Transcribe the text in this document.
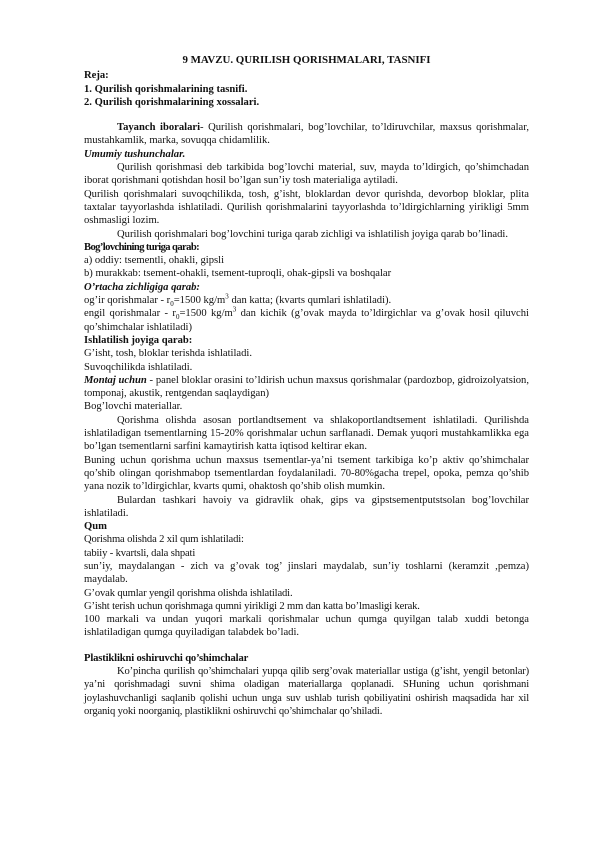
9 MAVZU. QURILISH QORISHMALARI, TASNIFI
Reja:
1. Qurilish qorishmalarining tasnifi.
2. Qurilish qorishmalarining xossalari.

Tayanch iboralari- Qurilish qorishmalari, bog’lovchilar, to’ldiruvchilar, maxsus qorishmalar, mustahkamlik, marka, sovuqqa chidamlilik.

Umumiy tushunchalar.

Qurilish qorishmasi deb tarkibida bog’lovchi material, suv, mayda to’ldirgich, qo’shimchadan iborat qorishmani qotishdan hosil bo’lgan sun’iy tosh materialiga aytiladi.

Qurilish qorishmalari suvoqchilikda, tosh, g’isht, bloklardan devor qurishda, devorbop bloklar, plita taxtalar tayyorlashda ishlatiladi. Qurilish qorishmalarini tayyorlashda to’ldirgichlarning yirikligi 5mm oshmasligi lozim.

Qurilish qorishmalari bog’lovchini turiga qarab zichligi va ishlatilish joyiga qarab bo’linadi.

Bog’lovchining turiga qarab:
a) oddiy: tsementli, ohakli, gipsli
b) murakkab: tsement-ohakli, tsement-tuproqli, ohak-gipsli va boshqalar
O’rtacha zichligiga qarab:

og’ir qorishmalar - $r_0=1500$ $kg/m^3$ dan katta; (kvarts qumlari ishlatiladi).

engil qorishmalar - $r_0=1500$ $kg/m^3$ dan kichik (g’ovak mayda to’ldirgichlar va g’ovak hosil qiluvchi qo’shimchalar ishlatiladi)

Ishlatilish joyiga qarab:
G’isht, tosh, bloklar terishda ishlatiladi.
Suvoqchilikda ishlatiladi.

Montaj uchun - panel bloklar orasini to’ldirish uchun maxsus qorishmalar (pardozbop, gidroizolyatsion, tomponaj, akustik, rentgendan saqlaydigan)

Bog’lovchi materiallar.

Qorishma olishda asosan portlandtsement va shlakoportlandtsement ishlatiladi. Qurilishda ishlatiladigan tsementlarning 15-20% qorishmalar uchun sarflanadi. Demak yuqori mustahkamlikka ega bo’lgan tsementlarni sarfini kamaytirish katta iqtisod keltirar ekan.

Buning uchun qorishma uchun maxsus tsementlar-ya’ni tsement tarkibiga ko’p aktiv qo’shimchalar qo’shib olingan qorishmabop tsementlardan foydalaniladi. 70-80%gacha trepel, opoka, pemza qo’shib yana nozik to’ldirgichlar, kvarts qumi, ohaktosh qo’shib olish mumkin.

Bulardan tashkari havoiy va gidravlik ohak, gips va gipstsementputstsolan bog’lovchilar ishlatiladi.

Qum
Qorishma olishda 2 xil qum ishlatiladi:
tabiiy - kvartsli, dala shpati

sun’iy, maydalangan - zich va g’ovak tog’ jinslari maydalab, sun’iy toshlarni (keramzit ,pemza) maydalab.

G’ovak qumlar yengil qorishma olishda ishlatiladi.
G’isht terish uchun qorishmaga qumni yirikligi 2 mm dan katta bo’lmasligi kerak.

100 markali va undan yuqori markali qorishmalar uchun qumga quyilgan talab xuddi betonga ishlatiladigan qumga quyiladigan talabdek bo’ladi.

Plastiklikni oshiruvchi qo’shimchalar

Ko’pincha qurilish qo’shimchalari yupqa qilib serg’ovak materiallar ustiga (g’isht, yengil betonlar) ya’ni qorishmadagi suvni shima oladigan materiallarga qoplanadi. SHuning uchun qorishmani joylashuvchanligi saqlanib qolishi uchun unga suv ushlab turish qobiliyatini oshirish maqsadida har xil organiq yoki noorganiq, plastiklikni oshiruvchi qo’shimchalar qo’shiladi.
